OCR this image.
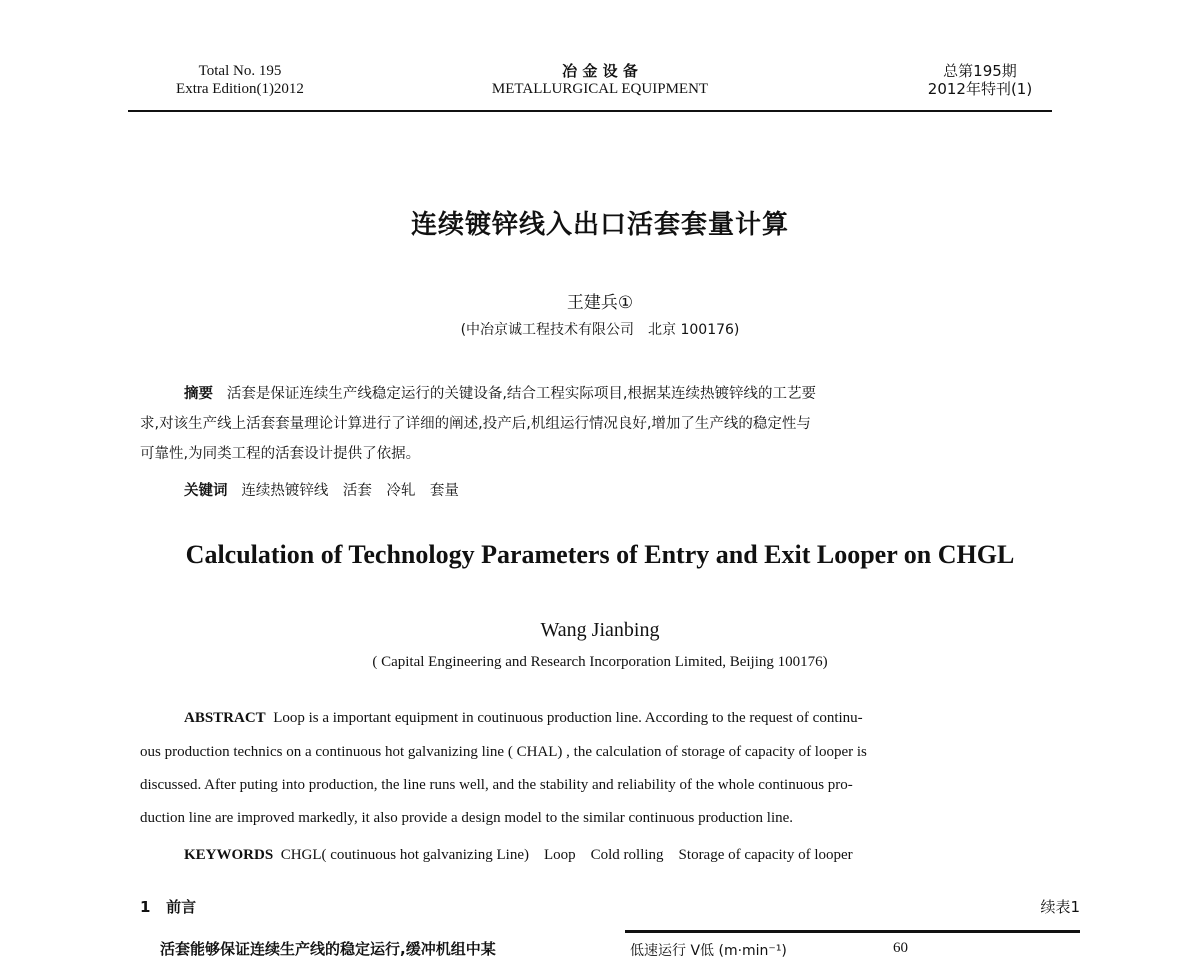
Total No. 195
Extra Edition(1)2012
冶 金 设 备
METALLURGICAL EQUIPMENT
总第195期
2012年特刊(1)
连续镀锌线入出口活套套量计算
王建兵①
(中冶京诚工程技术有限公司　北京 100176)
摘要 活套是保证连续生产线稳定运行的关键设备,结合工程实际项目,根据某连续热镀锌线的工艺要
求,对该生产线上活套套量理论计算进行了详细的阐述,投产后,机组运行情况良好,增加了生产线的稳定性与
可靠性,为同类工程的活套设计提供了依据。
关键词 连续热镀锌线　活套　冷轧　套量
Calculation of Technology Parameters of Entry and Exit Looper on CHGL
Wang Jianbing
( Capital Engineering and Research Incorporation Limited, Beijing 100176)
ABSTRACT Loop is a important equipment in coutinuous production line. According to the request of continu-
ous production technics on a continuous hot galvanizing line ( CHAL) , the calculation of storage of capacity of looper is
discussed. After puting into production, the line runs well, and the stability and reliability of the whole continuous pro-
duction line are improved markedly, it also provide a design model to the similar continuous production line.
KEYWORDS CHGL( coutinuous hot galvanizing Line)　Loop　Cold rolling　Storage of capacity of looper
1 前言
活套能够保证连续生产线的稳定运行,缓冲机组中某
续表1
低速运行 V低 (m·min⁻¹)	60
